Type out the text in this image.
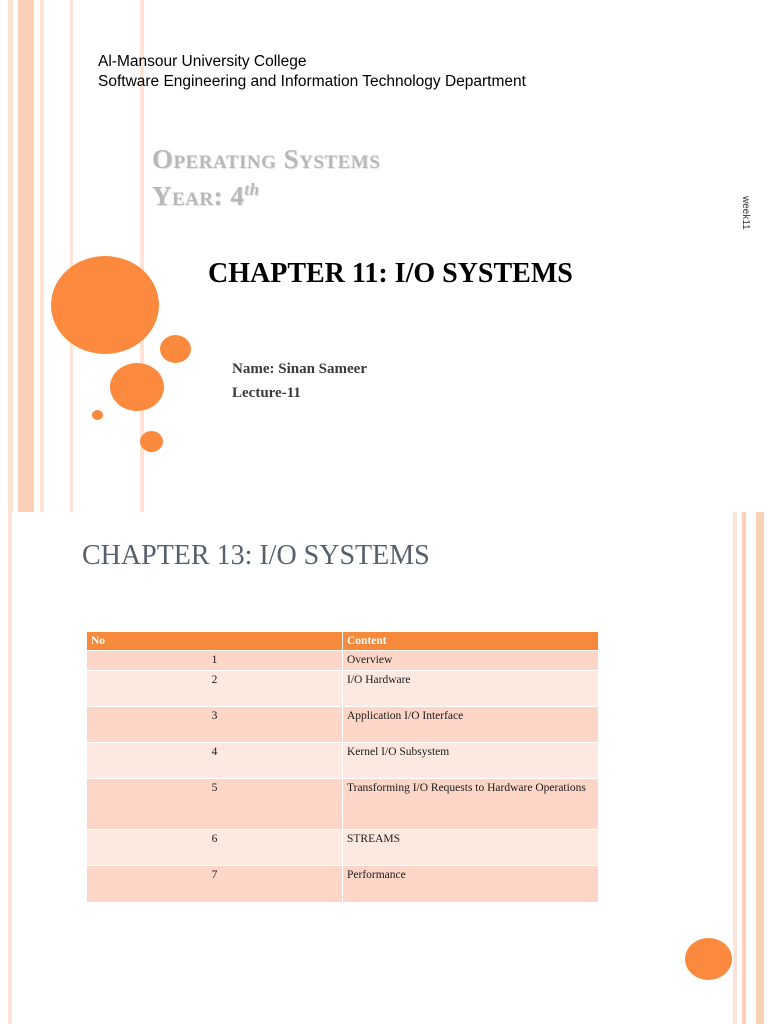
Al-Mansour University College
Software Engineering and Information Technology Department
Operating Systems
Year: 4th
week11
CHAPTER 11: I/O SYSTEMS
Name: Sinan Sameer
Lecture-11
CHAPTER 13: I/O SYSTEMS
No	Content
1	Overview
2	I/O Hardware
3	Application I/O Interface
4	Kernel I/O Subsystem
5	Transforming I/O Requests to Hardware Operations
6	STREAMS
7	Performance
